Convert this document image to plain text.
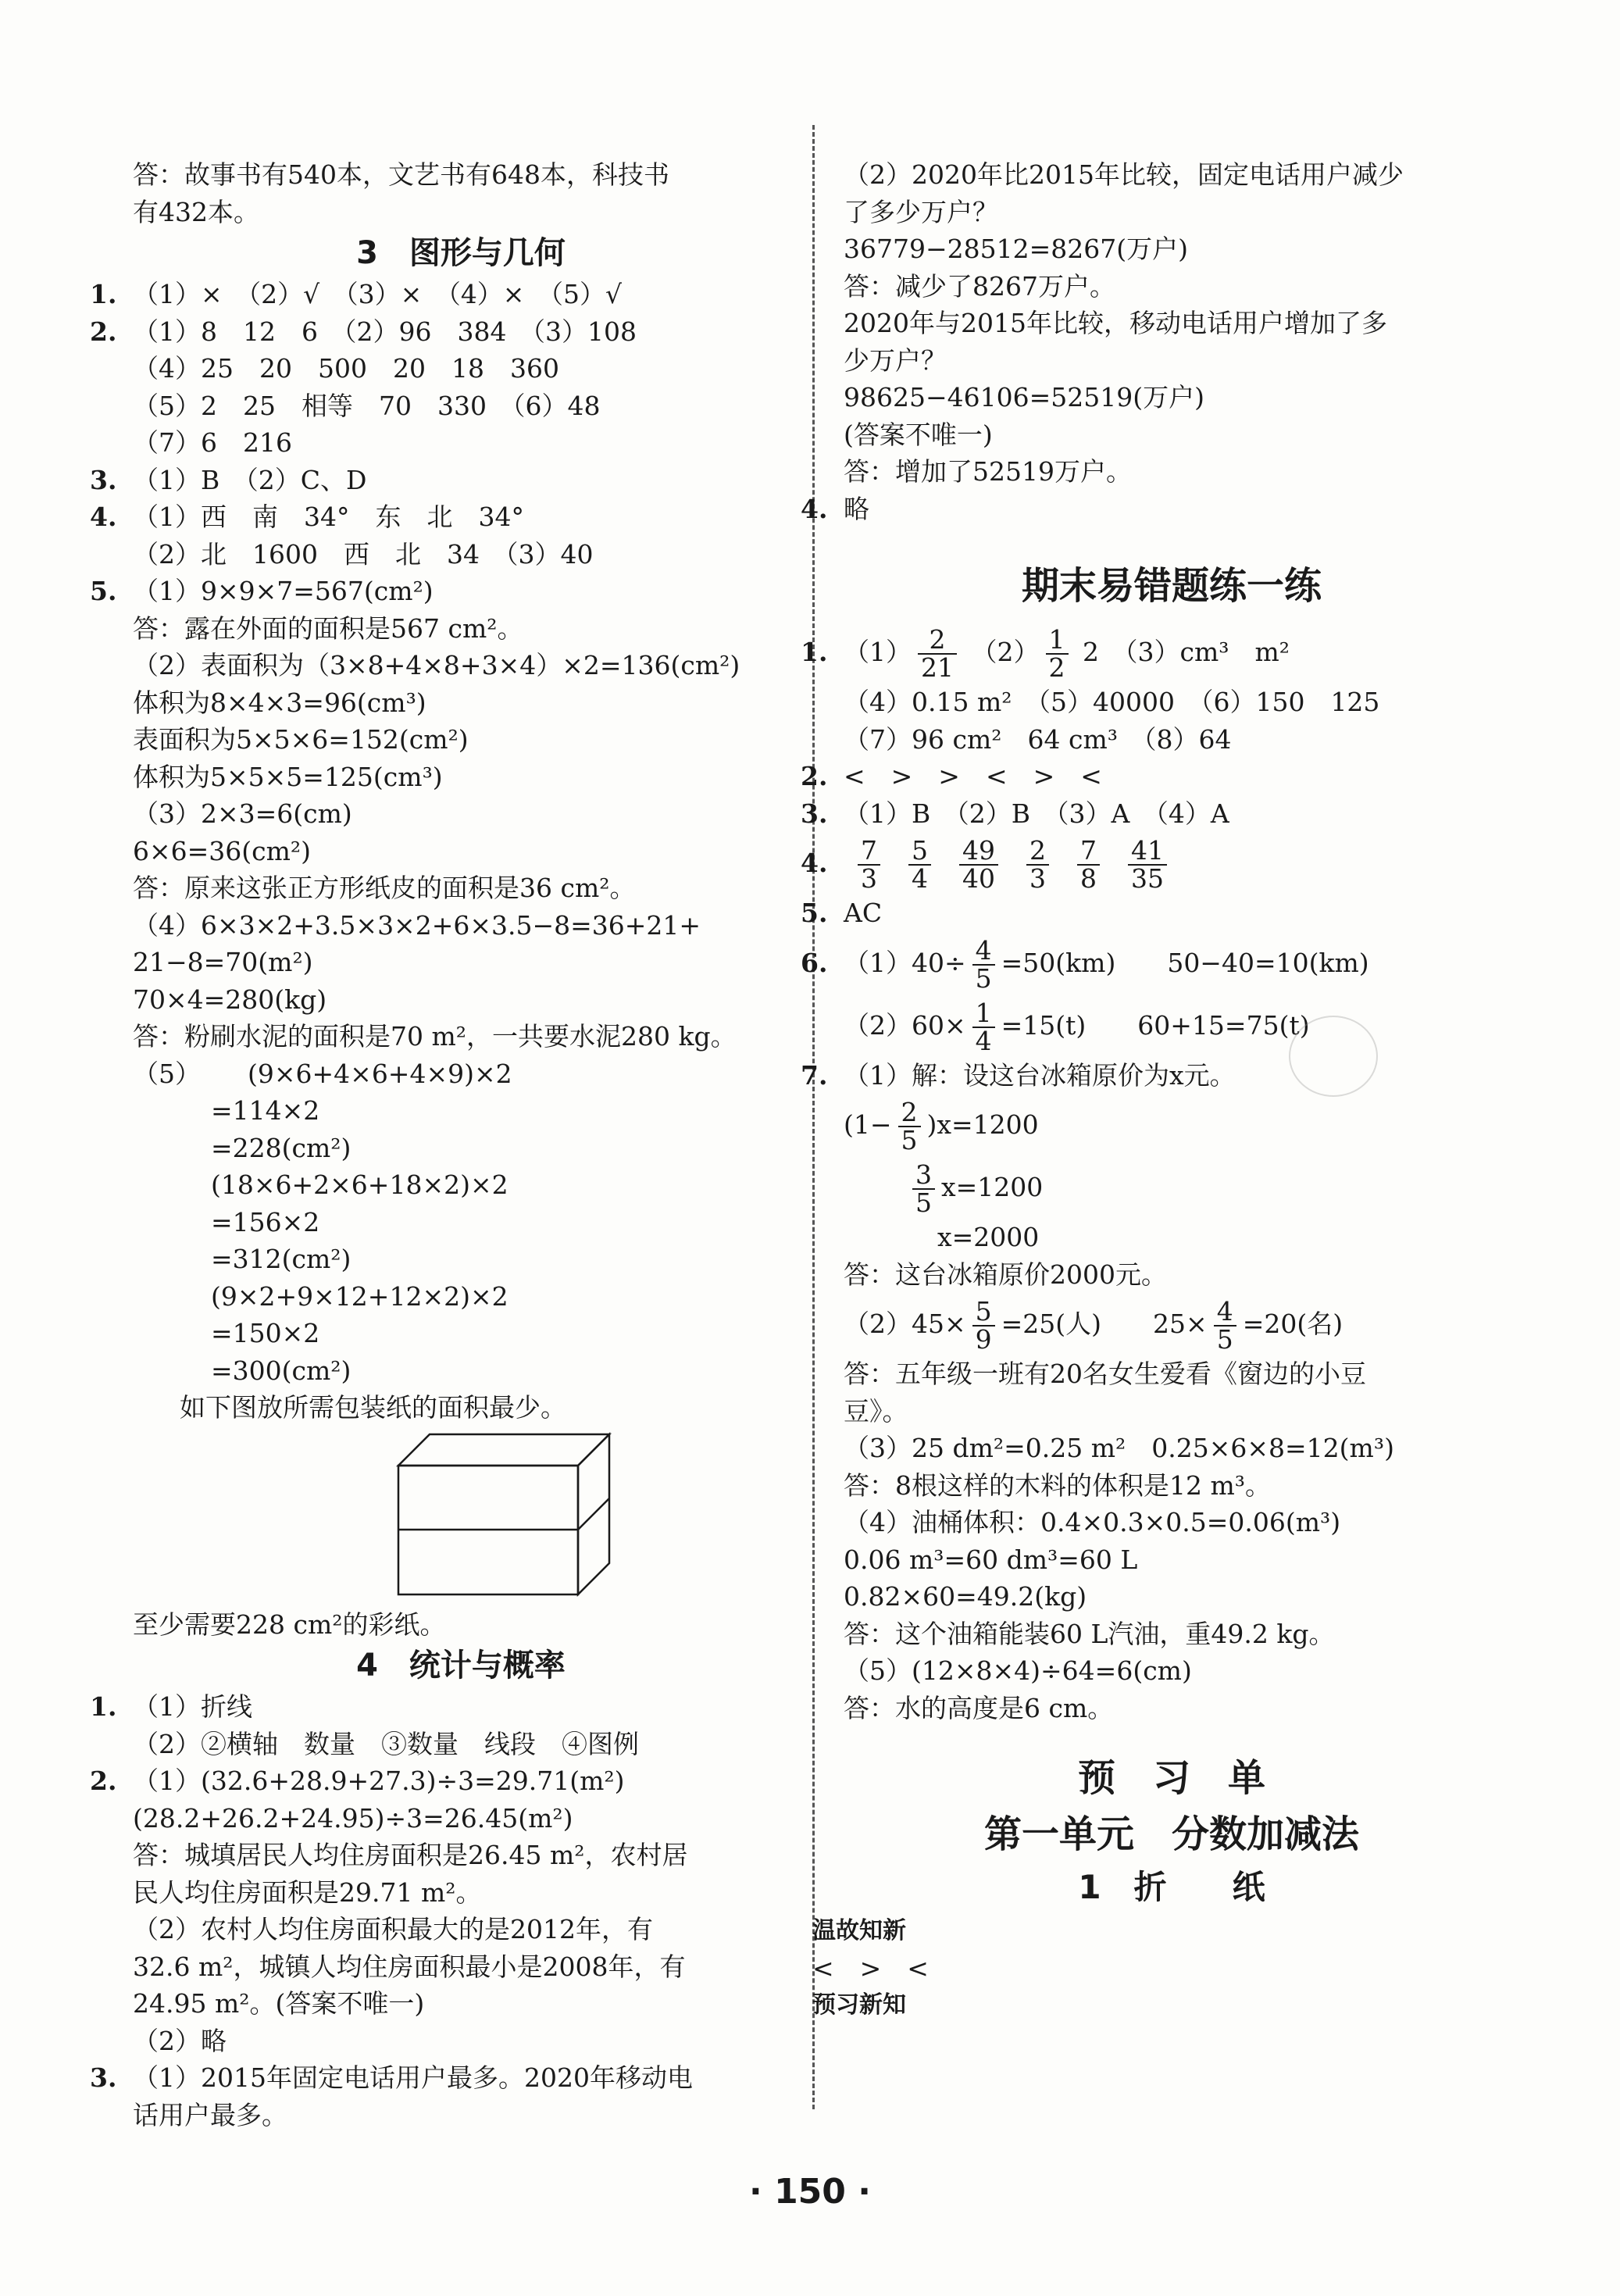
答：故事书有540本，文艺书有648本，科技书
有432本。
3　图形与几何
1. （1）×　（2）√　（3）×　（4）×　（5）√
2. （1）8　12　6　（2）96　384　（3）108
（4）25　20　500　20　18　360
（5）2　25　相等　70　330　（6）48
（7）6　216
3. （1）B　（2）C、D
4. （1）西　南　34°　东　北　34°
（2）北　1600　西　北　34　（3）40
5. （1）9×9×7=567(cm²)
答：露在外面的面积是567 cm²。
（2）表面积为（3×8+4×8+3×4）×2=136(cm²)
体积为8×4×3=96(cm³)
表面积为5×5×6=152(cm²)
体积为5×5×5=125(cm³)
（3）2×3=6(cm)
6×6=36(cm²)
答：原来这张正方形纸皮的面积是36 cm²。
（4）6×3×2+3.5×3×2+6×3.5−8=36+21+
21−8=70(m²)
70×4=280(kg)
答：粉刷水泥的面积是70 m²，一共要水泥280 kg。
（5） (9×6+4×6+4×9)×2
=114×2
=228(cm²)
(18×6+2×6+18×2)×2
=156×2
=312(cm²)
(9×2+9×12+12×2)×2
=150×2
=300(cm²)
如下图放所需包装纸的面积最少。
至少需要228 cm²的彩纸。
4　统计与概率
1. （1）折线
（2）②横轴　数量　③数量　线段　④图例
2. （1）(32.6+28.9+27.3)÷3=29.71(m²)
(28.2+26.2+24.95)÷3=26.45(m²)
答：城填居民人均住房面积是26.45 m²，农村居
民人均住房面积是29.71 m²。
（2）农村人均住房面积最大的是2012年，有
32.6 m²，城镇人均住房面积最小是2008年，有
24.95 m²。(答案不唯一)
（2）略
3. （1）2015年固定电话用户最多。2020年移动电
话用户最多。
（2）2020年比2015年比较，固定电话用户减少
了多少万户？
36779−28512=8267(万户)
答：减少了8267万户。
2020年与2015年比较，移动电话用户增加了多
少万户？
98625−46106=52519(万户)
(答案不唯一)
答：增加了52519万户。
4. 略
期末易错题练一练
1. $(1) \frac{2}{21} (2) \frac{1}{2} 2$　（3）cm³　m²
（4）0.15 m²　（5）40000　（6）150　125
（7）96 cm²　64 cm³　（8）64
2. <　>　>　<　>　<
3. （1）B　（2）B　（3）A　（4）A
4. $\frac{7}{3} \frac{5}{4} \frac{49}{40} \frac{2}{3} \frac{7}{8} \frac{41}{35}$
5. AC
6. $(1)40\div \frac{4}{5} =50(km)$　　50−40=10(km)
$(2)60\times \frac{1}{4} =15(t)$　　60+15=75(t)
7. （1）解：设这台冰箱原价为x元。
$(1- \frac{2}{5} )x=1200$
$\frac{3}{5} x=1200$
x=2000
答：这台冰箱原价2000元。
$(2)45\times \frac{5}{9} =25$(人)　　$25\times \frac{4}{5} =20$(名)
答：五年级一班有20名女生爱看《窗边的小豆
豆》。
（3）25 dm²=0.25 m²　0.25×6×8=12(m³)
答：8根这样的木料的体积是12 m³。
（4）油桶体积：0.4×0.3×0.5=0.06(m³)
0.06 m³=60 dm³=60 L
0.82×60=49.2(kg)
答：这个油箱能装60 L汽油，重49.2 kg。
（5）(12×8×4)÷64=6(cm)
答：水的高度是6 cm。
预　习　单
第一单元　分数加减法
1　折　　纸
温故知新
<　>　<
预习新知
· 150 ·
